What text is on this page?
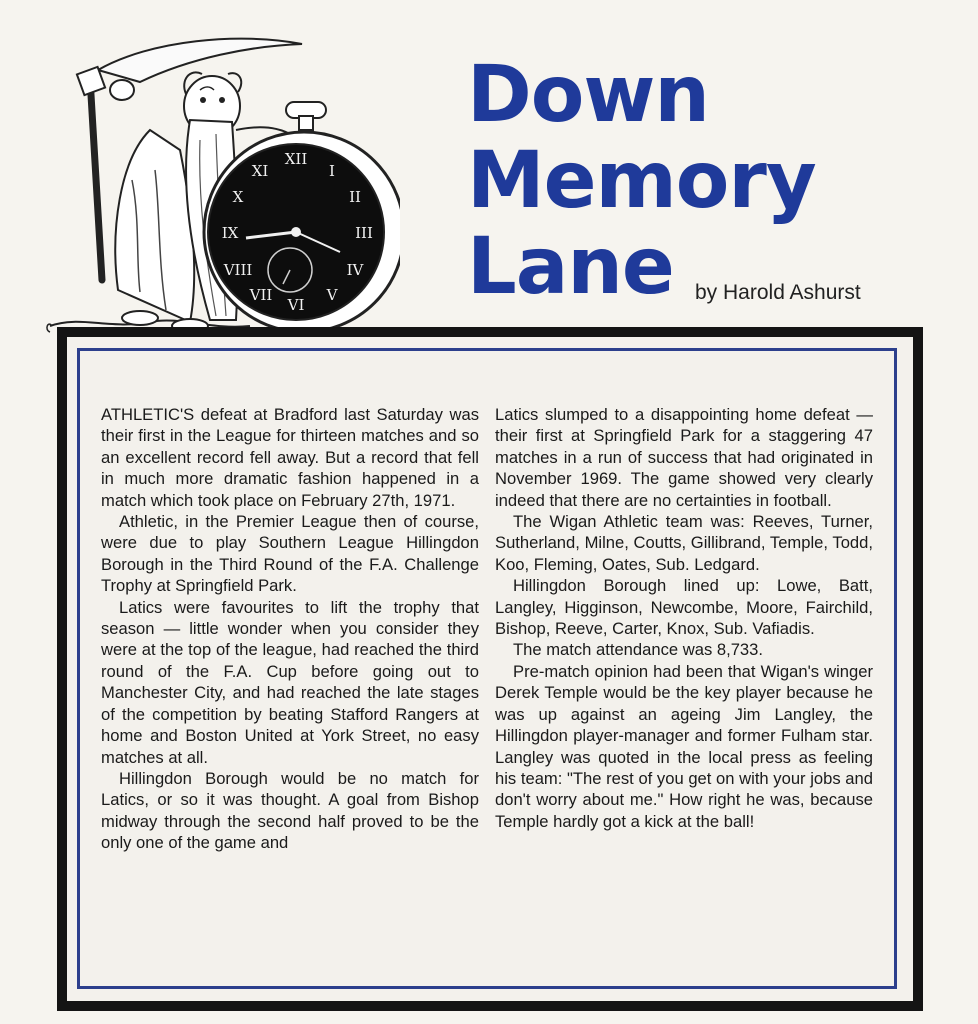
XII
III
VI
IX
I
II
IV
V
VII
VIII
X
XI
Down
Memory
Lane	by Harold Ashurst

ATHLETIC'S defeat at Bradford last Saturday was their first in the League for thirteen matches and so an excellent record fell away. But a record that fell in much more dramatic fashion happened in a match which took place on February 27th, 1971.

Athletic, in the Premier League then of course, were due to play Southern League Hillingdon Borough in the Third Round of the F.A. Challenge Trophy at Springfield Park.

Latics were favourites to lift the trophy that season — little wonder when you consider they were at the top of the league, had reached the third round of the F.A. Cup before going out to Manchester City, and had reached the late stages of the competition by beating Stafford Rangers at home and Boston United at York Street, no easy matches at all.

Hillingdon Borough would be no match for Latics, or so it was thought. A goal from Bishop midway through the second half proved to be the only one of the game and

Latics slumped to a disappointing home defeat — their first at Springfield Park for a staggering 47 matches in a run of success that had originated in November 1969. The game showed very clearly indeed that there are no certainties in football.

The Wigan Athletic team was: Reeves, Turner, Sutherland, Milne, Coutts, Gillibrand, Temple, Todd, Koo, Fleming, Oates, Sub. Ledgard.

Hillingdon Borough lined up: Lowe, Batt, Langley, Higginson, Newcombe, Moore, Fairchild, Bishop, Reeve, Carter, Knox, Sub. Vafiadis.

The match attendance was 8,733.

Pre-match opinion had been that Wigan's winger Derek Temple would be the key player because he was up against an ageing Jim Langley, the Hillingdon player-manager and former Fulham star. Langley was quoted in the local press as feeling his team: "The rest of you get on with your jobs and don't worry about me." How right he was, because Temple hardly got a kick at the ball!
